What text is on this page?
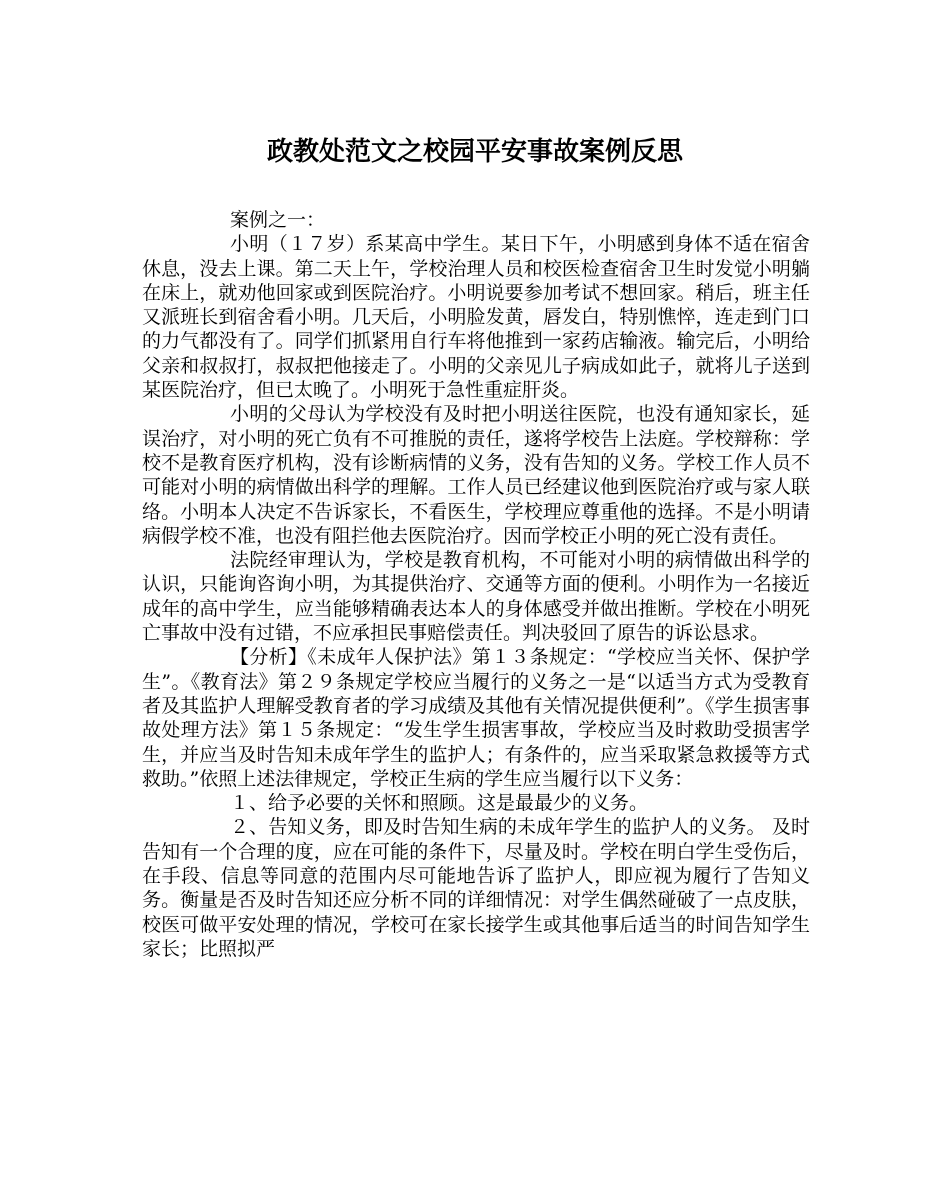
政教处范文之校园平安事故案例反思

案例之一：

小明（１７岁）系某高中学生。某日下午，小明感到身体不适在宿舍休息，没去上课。第二天上午，学校治理人员和校医检查宿舍卫生时发觉小明躺在床上，就劝他回家或到医院治疗。小明说要参加考试不想回家。稍后，班主任又派班长到宿舍看小明。几天后，小明脸发黄，唇发白，特别憔悴，连走到门口的力气都没有了。同学们抓紧用自行车将他推到一家药店输液。输完后，小明给父亲和叔叔打，叔叔把他接走了。小明的父亲见儿子病成如此子，就将儿子送到某医院治疗，但已太晚了。小明死于急性重症肝炎。

小明的父母认为学校没有及时把小明送往医院，也没有通知家长，延误治疗，对小明的死亡负有不可推脱的责任，遂将学校告上法庭。学校辩称：学校不是教育医疗机构，没有诊断病情的义务，没有告知的义务。学校工作人员不可能对小明的病情做出科学的理解。工作人员已经建议他到医院治疗或与家人联络。小明本人决定不告诉家长，不看医生，学校理应尊重他的选择。不是小明请病假学校不准，也没有阻拦他去医院治疗。因而学校正小明的死亡没有责任。

法院经审理认为，学校是教育机构，不可能对小明的病情做出科学的认识，只能询咨询小明，为其提供治疗、交通等方面的便利。小明作为一名接近成年的高中学生，应当能够精确表达本人的身体感受并做出推断。学校在小明死亡事故中没有过错，不应承担民事赔偿责任。判决驳回了原告的诉讼恳求。

【分析】《未成年人保护法》第１３条规定：“学校应当关怀、保护学生”。《教育法》第２９条规定学校应当履行的义务之一是“以适当方式为受教育者及其监护人理解受教育者的学习成绩及其他有关情况提供便利”。《学生损害事故处理方法》第１５条规定：“发生学生损害事故，学校应当及时救助受损害学生，并应当及时告知未成年学生的监护人；有条件的，应当采取紧急救援等方式救助。”依照上述法律规定，学校正生病的学生应当履行以下义务：

１、给予必要的关怀和照顾。这是最最少的义务。

２、告知义务，即及时告知生病的未成年学生的监护人的义务。 及时告知有一个合理的度，应在可能的条件下，尽量及时。学校在明白学生受伤后，在手段、信息等同意的范围内尽可能地告诉了监护人，即应视为履行了告知义务。衡量是否及时告知还应分析不同的详细情况：对学生偶然碰破了一点皮肤，校医可做平安处理的情况，学校可在家长接学生或其他事后适当的时间告知学生家长；比照拟严
